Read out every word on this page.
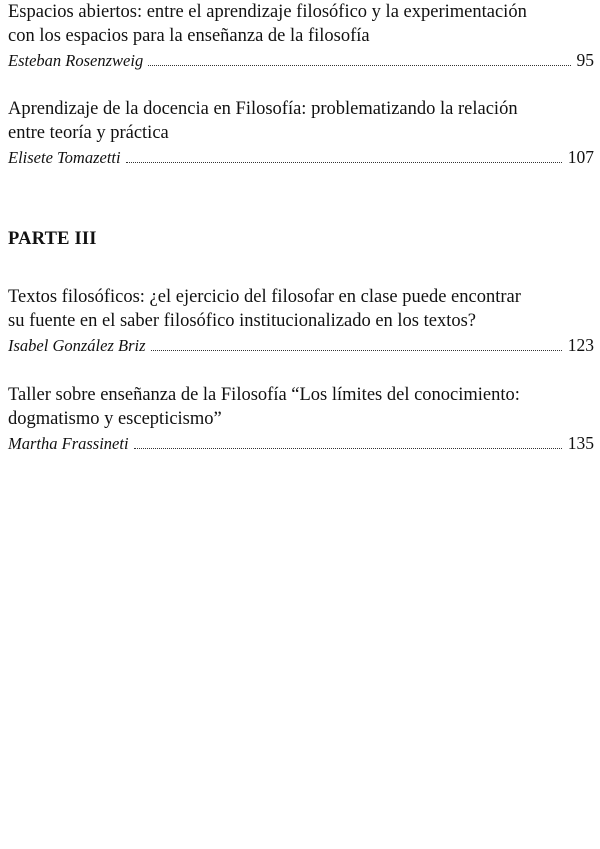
Espacios abiertos: entre el aprendizaje filosófico y la experimentación
con los espacios para la enseñanza de la filosofía
Esteban Rosenzweig	95
Aprendizaje de la docencia en Filosofía: problematizando la relación
entre teoría y práctica
Elisete Tomazetti	107
PARTE III
Textos filosóficos: ¿el ejercicio del filosofar en clase puede encontrar
su fuente en el saber filosófico institucionalizado en los textos?
Isabel González Briz	123
Taller sobre enseñanza de la Filosofía “Los límites del conocimiento:
dogmatismo y escepticismo”
Martha Frassineti	135
